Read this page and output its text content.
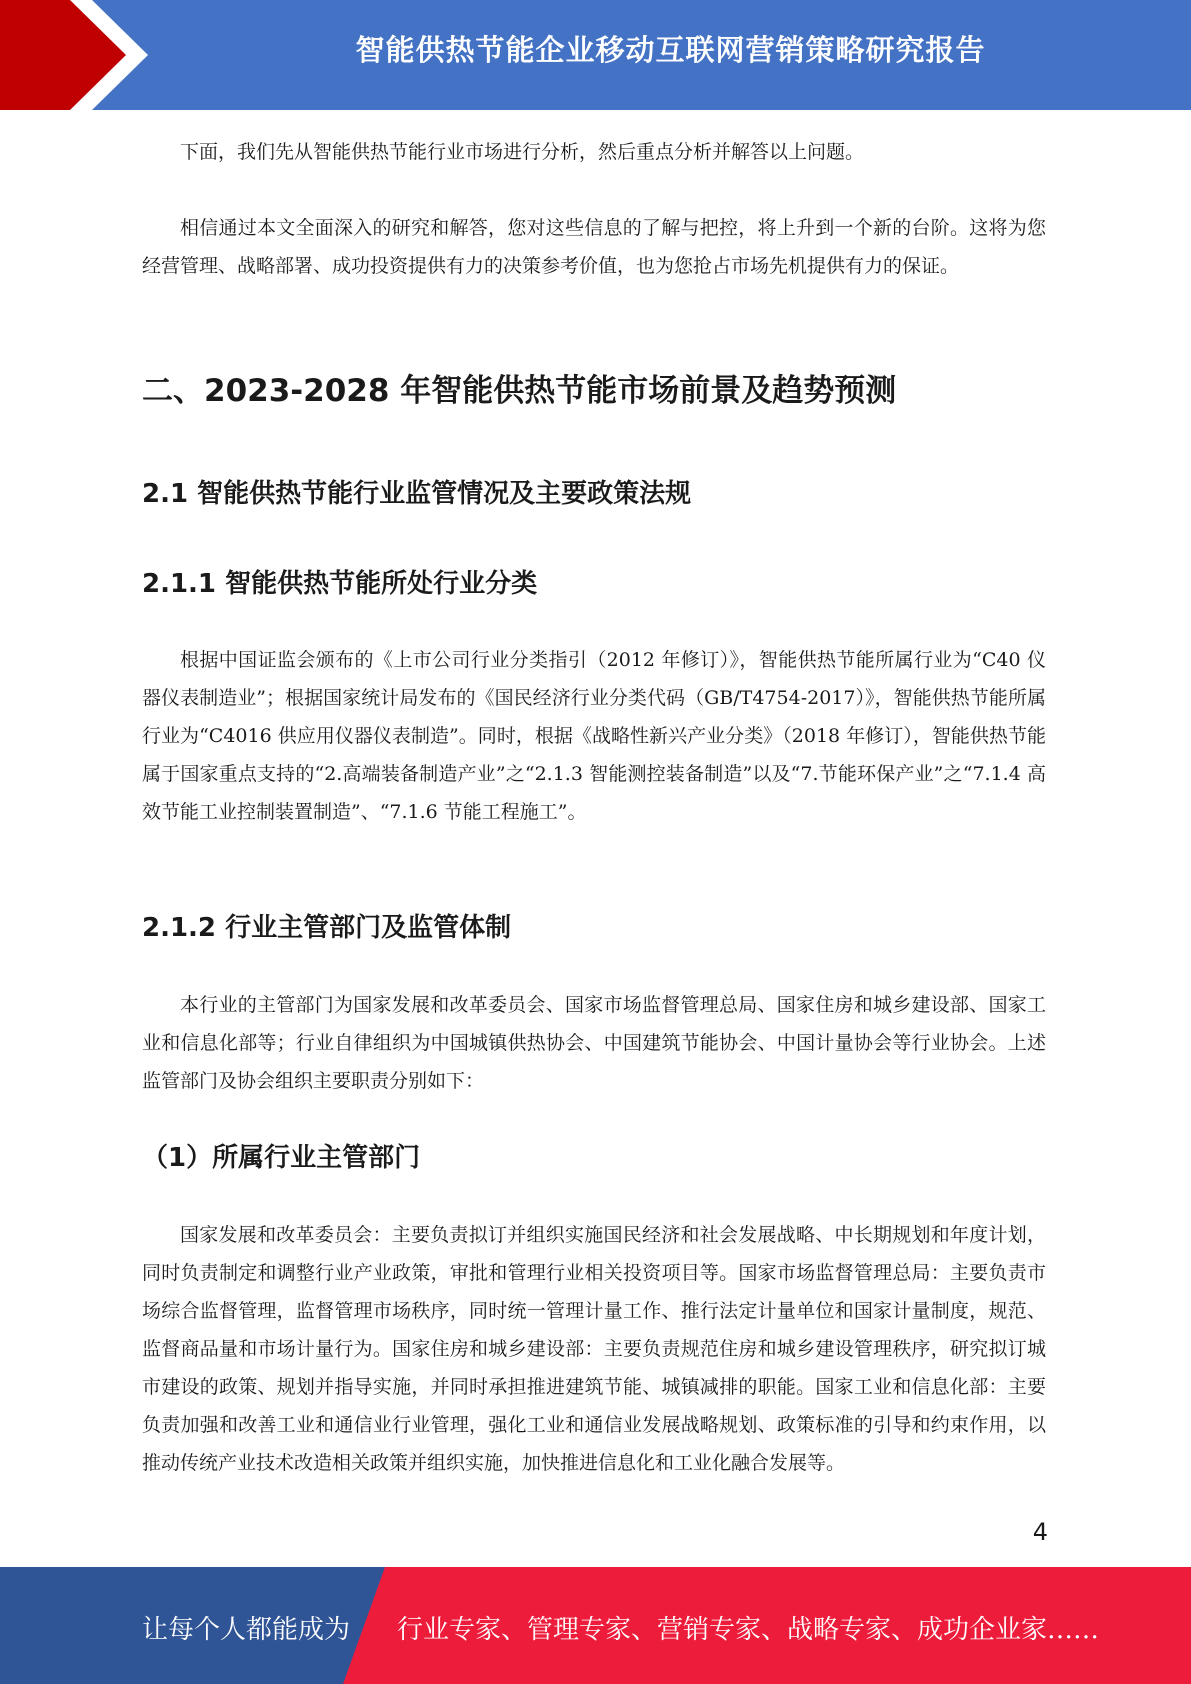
智能供热节能企业移动互联网营销策略研究报告

下面，我们先从智能供热节能行业市场进行分析，然后重点分析并解答以上问题。

相信通过本文全面深入的研究和解答，您对这些信息的了解与把控，将上升到一个新的台阶。这将为您经营管理、战略部署、成功投资提供有力的决策参考价值，也为您抢占市场先机提供有力的保证。

二、2023-2028 年智能供热节能市场前景及趋势预测
2.1 智能供热节能行业监管情况及主要政策法规
2.1.1 智能供热节能所处行业分类

根据中国证监会颁布的《上市公司行业分类指引（2012 年修订）》，智能供热节能所属行业为“C40 仪器仪表制造业”；根据国家统计局发布的《国民经济行业分类代码（GB/T4754-2017）》，智能供热节能所属行业为“C4016 供应用仪器仪表制造”。同时，根据《战略性新兴产业分类》（2018 年修订），智能供热节能属于国家重点支持的“2.高端装备制造产业”之“2.1.3 智能测控装备制造”以及“7.节能环保产业”之“7.1.4 高效节能工业控制装置制造”、“7.1.6 节能工程施工”。

2.1.2 行业主管部门及监管体制

本行业的主管部门为国家发展和改革委员会、国家市场监督管理总局、国家住房和城乡建设部、国家工业和信息化部等；行业自律组织为中国城镇供热协会、中国建筑节能协会、中国计量协会等行业协会。上述监管部门及协会组织主要职责分别如下：

（1）所属行业主管部门

国家发展和改革委员会：主要负责拟订并组织实施国民经济和社会发展战略、中长期规划和年度计划，同时负责制定和调整行业产业政策，审批和管理行业相关投资项目等。国家市场监督管理总局：主要负责市场综合监督管理，监督管理市场秩序，同时统一管理计量工作、推行法定计量单位和国家计量制度，规范、监督商品量和市场计量行为。国家住房和城乡建设部：主要负责规范住房和城乡建设管理秩序，研究拟订城市建设的政策、规划并指导实施，并同时承担推进建筑节能、城镇减排的职能。国家工业和信息化部：主要负责加强和改善工业和通信业行业管理，强化工业和通信业发展战略规划、政策标准的引导和约束作用，以推动传统产业技术改造相关政策并组织实施，加快推进信息化和工业化融合发展等。

4
让每个人都能成为 行业专家、管理专家、营销专家、战略专家、成功企业家……
